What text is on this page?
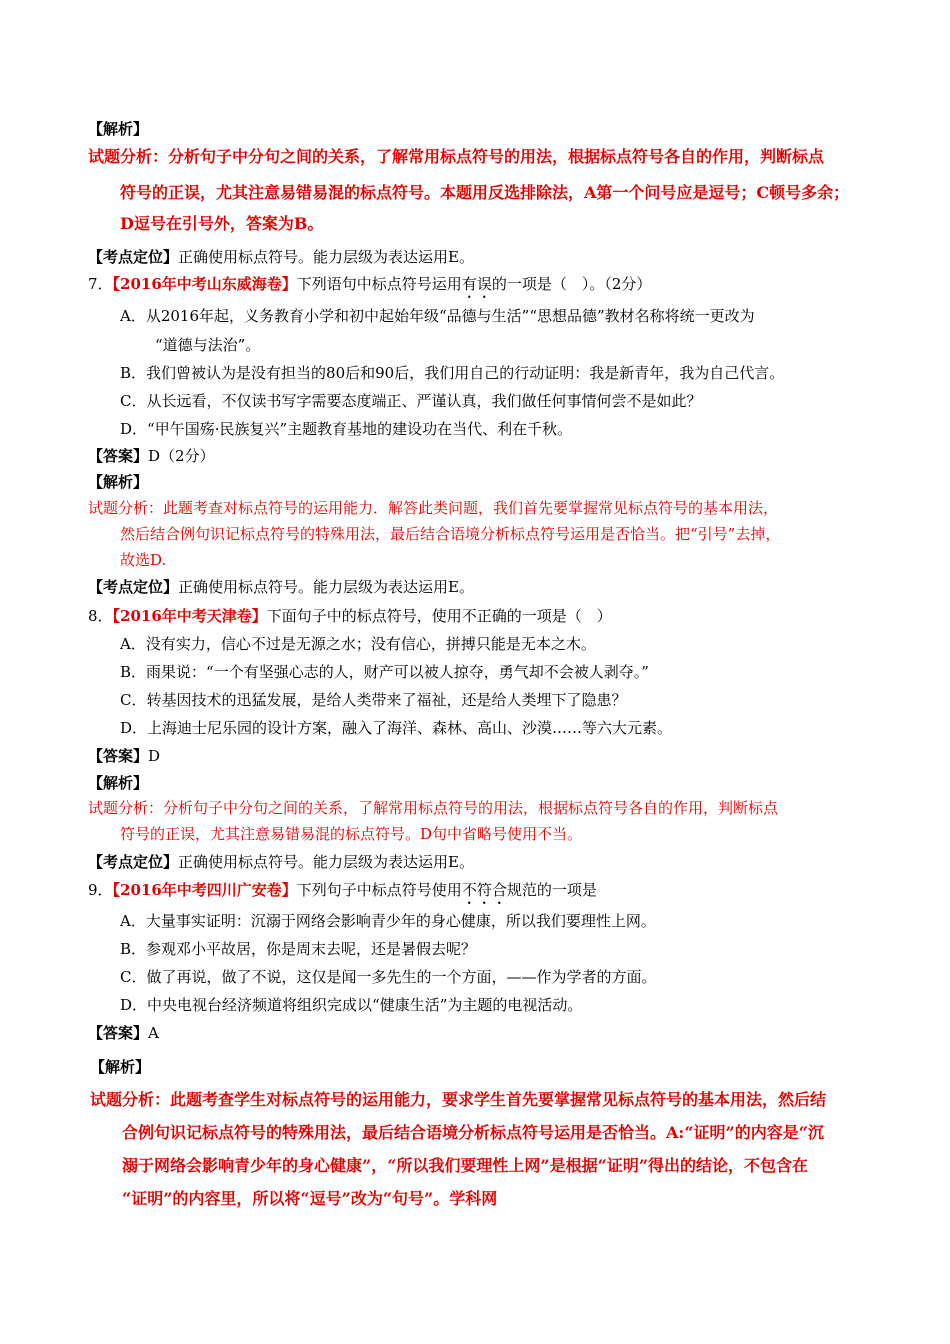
【解析】
试题分析：分析句子中分句之间的关系，了解常用标点符号的用法，根据标点符号各自的作用，判断标点
符号的正误，尤其注意易错易混的标点符号。本题用反选排除法，A第一个问号应是逗号；C顿号多余；
D逗号在引号外，答案为B。
【考点定位】正确使用标点符号。能力层级为表达运用E。
7．【2016年中考山东威海卷】下列语句中标点符号运用有误的一项是（　）。（2分）
A．从2016年起，义务教育小学和初中起始年级“品德与生活”“思想品德”教材名称将统一更改为
“道德与法治”。
B．我们曾被认为是没有担当的80后和90后，我们用自己的行动证明：我是新青年，我为自己代言。
C．从长远看，不仅读书写字需要态度端正、严谨认真，我们做任何事情何尝不是如此？
D．“甲午国殇·民族复兴”主题教育基地的建设功在当代、利在千秋。
【答案】D（2分）
【解析】
试题分析：此题考查对标点符号的运用能力．解答此类问题，我们首先要掌握常见标点符号的基本用法，
然后结合例句识记标点符号的特殊用法，最后结合语境分析标点符号运用是否恰当。把“引号”去掉，
故选D.
【考点定位】正确使用标点符号。能力层级为表达运用E。
8．【2016年中考天津卷】下面句子中的标点符号，使用不正确的一项是（　）
A．没有实力，信心不过是无源之水；没有信心，拼搏只能是无本之木。
B．雨果说：“一个有坚强心志的人，财产可以被人掠夺，勇气却不会被人剥夺。”
C．转基因技术的迅猛发展，是给人类带来了福祉，还是给人类埋下了隐患？
D．上海迪士尼乐园的设计方案，融入了海洋、森林、高山、沙漠……等六大元素。
【答案】D
【解析】
试题分析：分析句子中分句之间的关系，了解常用标点符号的用法，根据标点符号各自的作用，判断标点
符号的正误，尤其注意易错易混的标点符号。D句中省略号使用不当。
【考点定位】正确使用标点符号。能力层级为表达运用E。
9．【2016年中考四川广安卷】下列句子中标点符号使用不符合规范的一项是
A．大量事实证明：沉溺于网络会影响青少年的身心健康，所以我们要理性上网。
B．参观邓小平故居，你是周末去呢，还是暑假去呢？
C．做了再说，做了不说，这仅是闻一多先生的一个方面，——作为学者的方面。
D．中央电视台经济频道将组织完成以“健康生活”为主题的电视活动。
【答案】A
【解析】
试题分析：此题考查学生对标点符号的运用能力，要求学生首先要掌握常见标点符号的基本用法，然后结
合例句识记标点符号的特殊用法，最后结合语境分析标点符号运用是否恰当。A:“证明”的内容是“沉
溺于网络会影响青少年的身心健康”，“所以我们要理性上网”是根据“证明”得出的结论，不包含在
“证明”的内容里，所以将“逗号”改为“句号”。学科网
